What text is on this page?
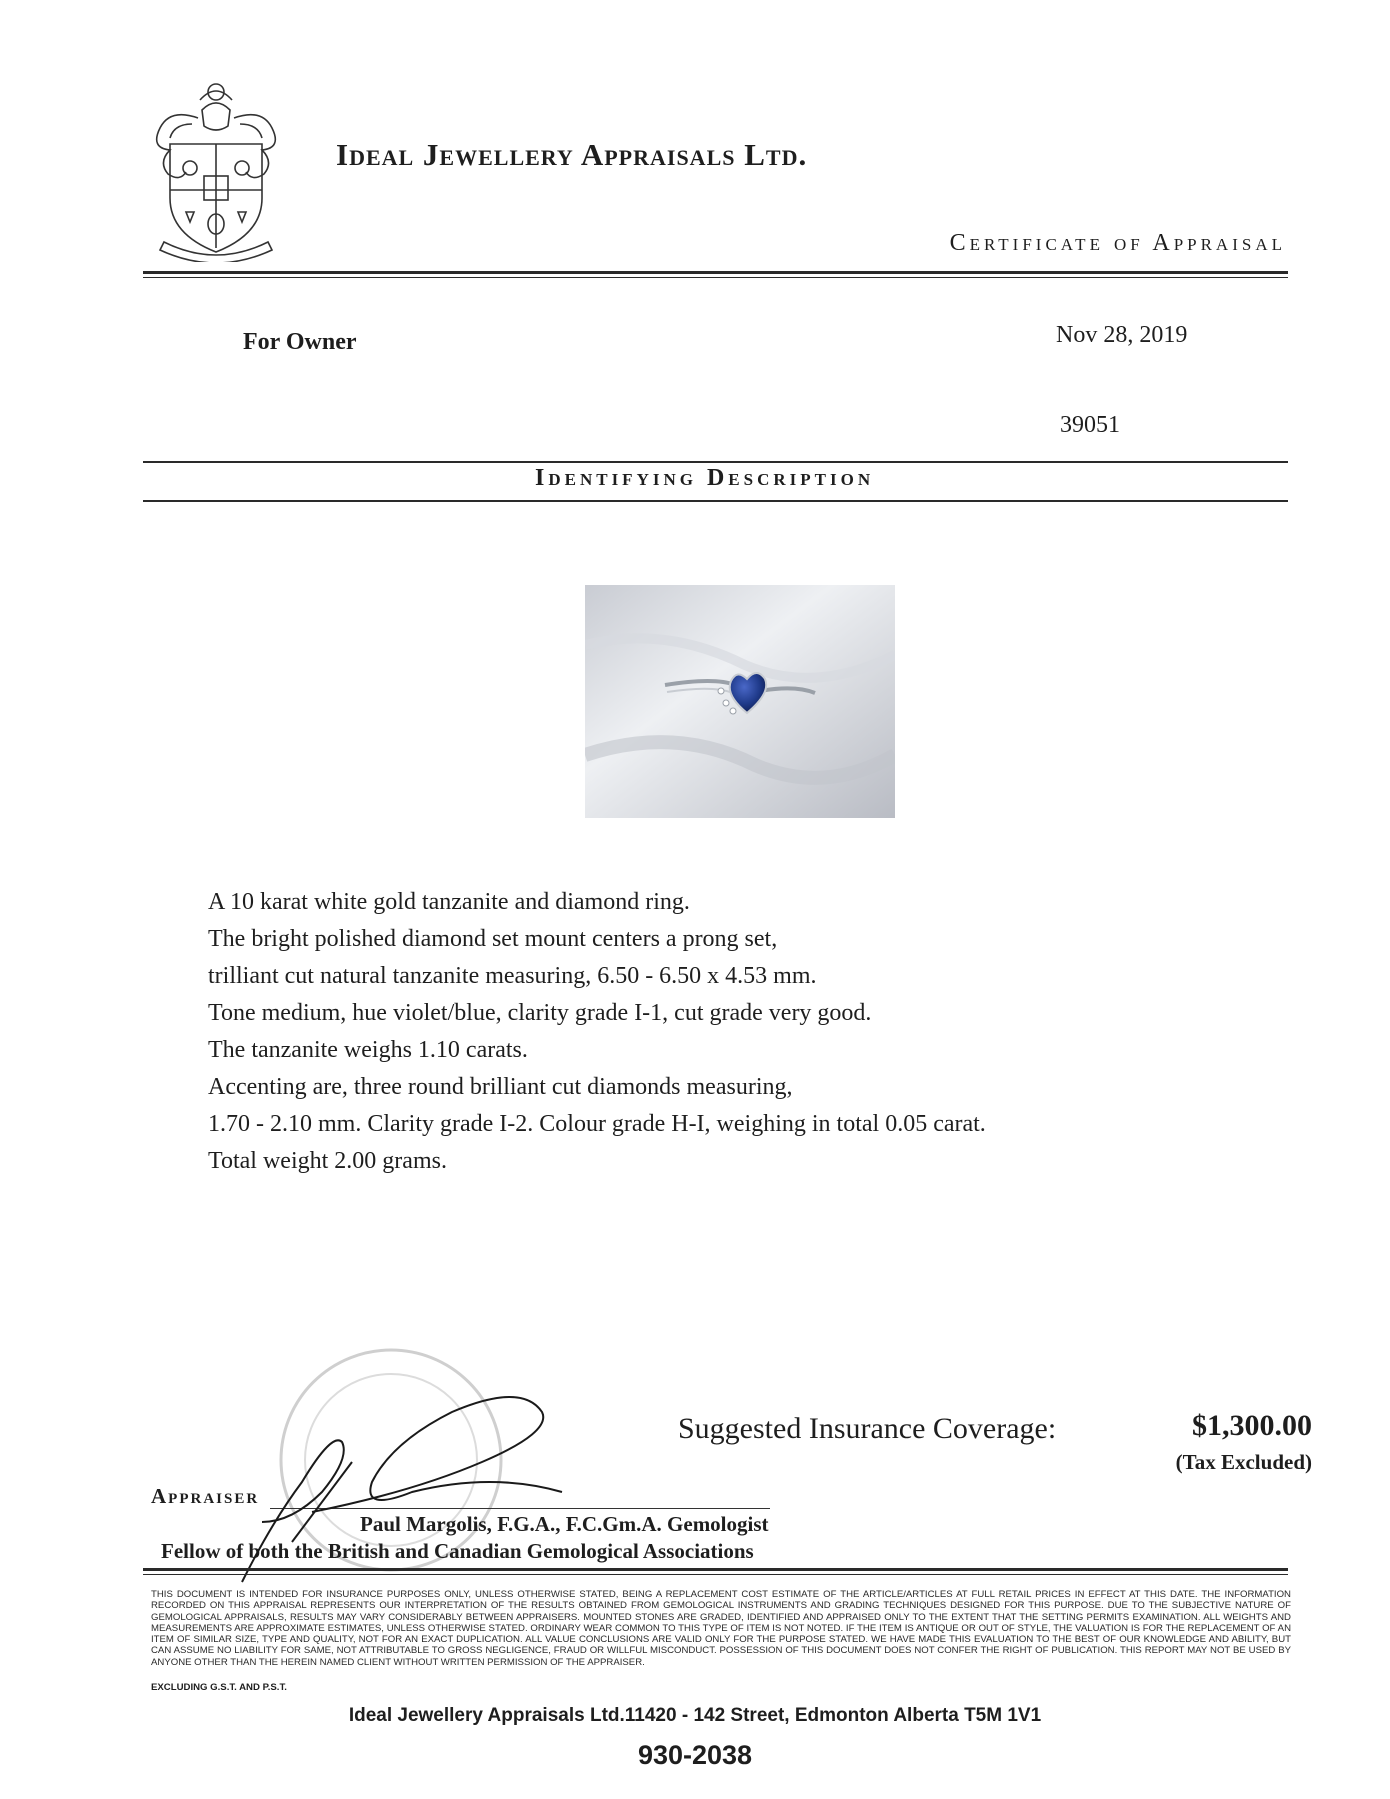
Ideal Jewellery Appraisals Ltd.
Certificate of Appraisal
For Owner	Nov 28, 2019
39051
Identifying Description
A 10 karat white gold tanzanite and diamond ring.
The bright polished diamond set mount centers a prong set,
trilliant cut natural tanzanite measuring, 6.50 - 6.50 x 4.53 mm.
Tone medium, hue violet/blue, clarity grade I-1, cut grade very good.
The tanzanite weighs 1.10 carats.
Accenting are, three round brilliant cut diamonds measuring,
1.70 - 2.10 mm. Clarity grade I-2. Colour grade H-I, weighing in total 0.05 carat.
Total weight 2.00 grams.
Suggested Insurance Coverage:	$1,300.00
(Tax Excluded)
Appraiser
Paul Margolis, F.G.A., F.C.Gm.A. Gemologist
Fellow of both the British and Canadian Gemological Associations
THIS DOCUMENT IS INTENDED FOR INSURANCE PURPOSES ONLY, UNLESS OTHERWISE STATED, BEING A REPLACEMENT COST ESTIMATE OF THE ARTICLE/ARTICLES AT FULL RETAIL PRICES IN EFFECT AT THIS DATE. THE INFORMATION RECORDED ON THIS APPRAISAL REPRESENTS OUR INTERPRETATION OF THE RESULTS OBTAINED FROM GEMOLOGICAL INSTRUMENTS AND GRADING TECHNIQUES DESIGNED FOR THIS PURPOSE. DUE TO THE SUBJECTIVE NATURE OF GEMOLOGICAL APPRAISALS, RESULTS MAY VARY CONSIDERABLY BETWEEN APPRAISERS. MOUNTED STONES ARE GRADED, IDENTIFIED AND APPRAISED ONLY TO THE EXTENT THAT THE SETTING PERMITS EXAMINATION. ALL WEIGHTS AND MEASUREMENTS ARE APPROXIMATE ESTIMATES, UNLESS OTHERWISE STATED. ORDINARY WEAR COMMON TO THIS TYPE OF ITEM IS NOT NOTED. IF THE ITEM IS ANTIQUE OR OUT OF STYLE, THE VALUATION IS FOR THE REPLACEMENT OF AN ITEM OF SIMILAR SIZE, TYPE AND QUALITY, NOT FOR AN EXACT DUPLICATION. ALL VALUE CONCLUSIONS ARE VALID ONLY FOR THE PURPOSE STATED. WE HAVE MADE THIS EVALUATION TO THE BEST OF OUR KNOWLEDGE AND ABILITY, BUT CAN ASSUME NO LIABILITY FOR SAME, NOT ATTRIBUTABLE TO GROSS NEGLIGENCE, FRAUD OR WILLFUL MISCONDUCT. POSSESSION OF THIS DOCUMENT DOES NOT CONFER THE RIGHT OF PUBLICATION. THIS REPORT MAY NOT BE USED BY ANYONE OTHER THAN THE HEREIN NAMED CLIENT WITHOUT WRITTEN PERMISSION OF THE APPRAISER.
EXCLUDING G.S.T. AND P.S.T.
Ideal Jewellery Appraisals Ltd.11420 - 142 Street, Edmonton Alberta T5M 1V1
930-2038
